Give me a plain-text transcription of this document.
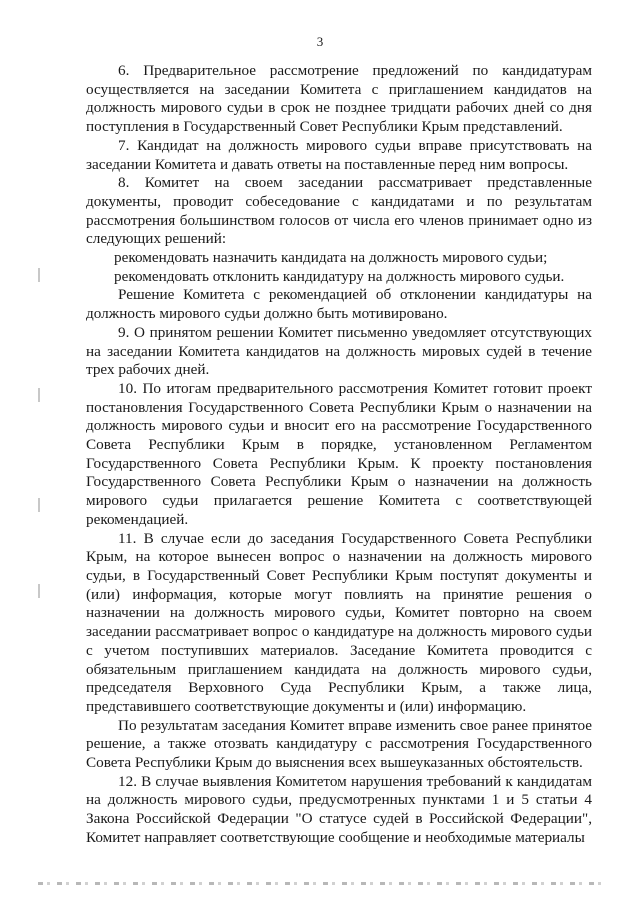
3

6. Предварительное рассмотрение предложений по кандидатурам осуществляется на заседании Комитета с приглашением кандидатов на должность мирового судьи в срок не позднее тридцати рабочих дней со дня поступления в Государственный Совет Республики Крым представлений.

7. Кандидат на должность мирового судьи вправе присутствовать на заседании Комитета и давать ответы на поставленные перед ним вопросы.

8. Комитет на своем заседании рассматривает представленные документы, проводит собеседование с кандидатами и по результатам рассмотрения большинством голосов от числа его членов принимает одно из следующих решений:

рекомендовать назначить кандидата на должность мирового судьи;

рекомендовать отклонить кандидатуру на должность мирового судьи.

Решение Комитета с рекомендацией об отклонении кандидатуры на должность мирового судьи должно быть мотивировано.

9. О принятом решении Комитет письменно уведомляет отсутствующих на заседании Комитета кандидатов на должность мировых судей в течение трех рабочих дней.

10. По итогам предварительного рассмотрения Комитет готовит проект постановления Государственного Совета Республики Крым о назначении на должность мирового судьи и вносит его на рассмотрение Государственного Совета Республики Крым в порядке, установленном Регламентом Государственного Совета Республики Крым. К проекту постановления Государственного Совета Республики Крым о назначении на должность мирового судьи прилагается решение Комитета с соответствующей рекомендацией.

11. В случае если до заседания Государственного Совета Республики Крым, на которое вынесен вопрос о назначении на должность мирового судьи, в Государственный Совет Республики Крым поступят документы и (или) информация, которые могут повлиять на принятие решения о назначении на должность мирового судьи, Комитет повторно на своем заседании рассматривает вопрос о кандидатуре на должность мирового судьи с учетом поступивших материалов. Заседание Комитета проводится с обязательным приглашением кандидата на должность мирового судьи, председателя Верховного Суда Республики Крым, а также лица, представившего соответствующие документы и (или) информацию.

По результатам заседания Комитет вправе изменить свое ранее принятое решение, а также отозвать кандидатуру с рассмотрения Государственного Совета Республики Крым до выяснения всех вышеуказанных обстоятельств.

12. В случае выявления Комитетом нарушения требований к кандидатам на должность мирового судьи, предусмотренных пунктами 1 и 5 статьи 4 Закона Российской Федерации "О статусе судей в Российской Федерации", Комитет направляет соответствующие сообщение и необходимые материалы
